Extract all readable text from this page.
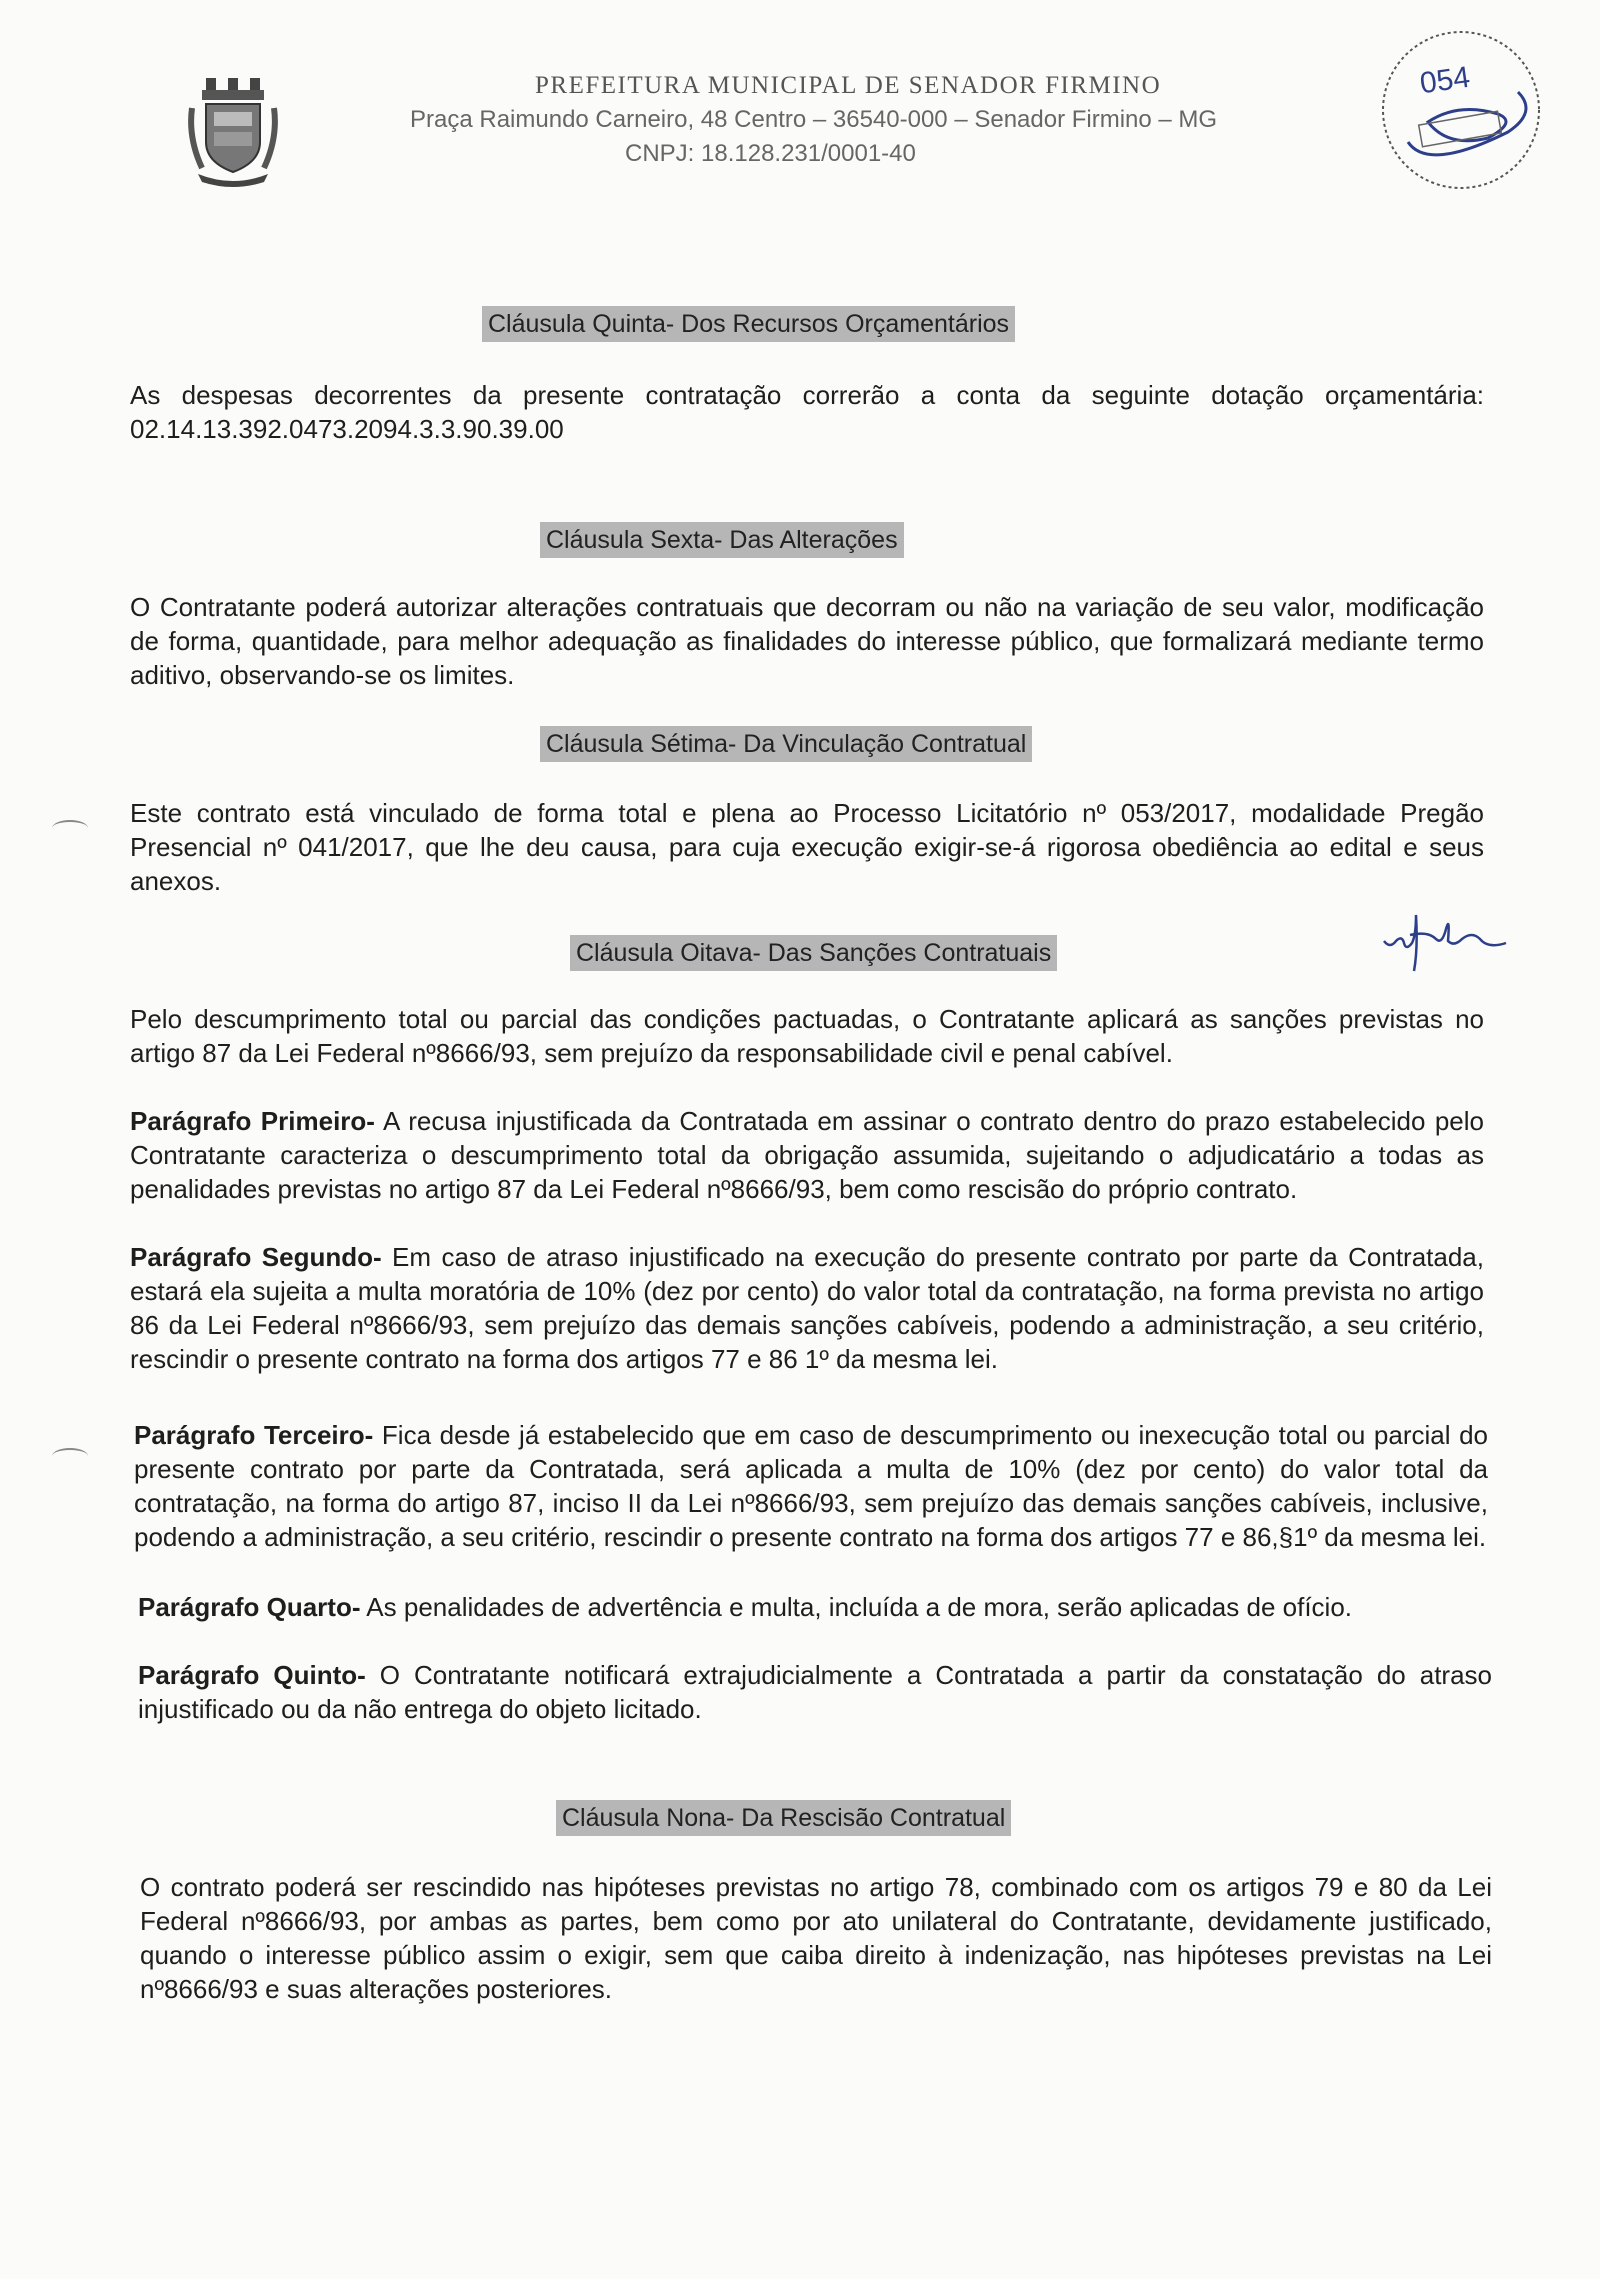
PREFEITURA MUNICIPAL DE SENADOR FIRMINO
Praça Raimundo Carneiro, 48 Centro – 36540-000 – Senador Firmino – MG
CNPJ: 18.128.231/0001-40
054
Cláusula Quinta- Dos Recursos Orçamentários

As despesas decorrentes da presente contratação correrão a conta da seguinte dotação orçamentária: 02.14.13.392.0473.2094.3.3.90.39.00

Cláusula Sexta- Das Alterações

O Contratante poderá autorizar alterações contratuais que decorram ou não na variação de seu valor, modificação de forma, quantidade, para melhor adequação as finalidades do interesse público, que formalizará mediante termo aditivo, observando-se os limites.

Cláusula Sétima- Da Vinculação Contratual

Este contrato está vinculado de forma total e plena ao Processo Licitatório nº 053/2017, modalidade Pregão Presencial nº 041/2017, que lhe deu causa, para cuja execução exigir-se-á rigorosa obediência ao edital e seus anexos.

Cláusula Oitava- Das Sanções Contratuais

Pelo descumprimento total ou parcial das condições pactuadas, o Contratante aplicará as sanções previstas no artigo 87 da Lei Federal nº8666/93, sem prejuízo da responsabilidade civil e penal cabível.

Parágrafo Primeiro- A recusa injustificada da Contratada em assinar o contrato dentro do prazo estabelecido pelo Contratante caracteriza o descumprimento total da obrigação assumida, sujeitando o adjudicatário a todas as penalidades previstas no artigo 87 da Lei Federal nº8666/93, bem como rescisão do próprio contrato.

Parágrafo Segundo- Em caso de atraso injustificado na execução do presente contrato por parte da Contratada, estará ela sujeita a multa moratória de 10% (dez por cento) do valor total da contratação, na forma prevista no artigo 86 da Lei Federal nº8666/93, sem prejuízo das demais sanções cabíveis, podendo a administração, a seu critério, rescindir o presente contrato na forma dos artigos 77 e 86 1º da mesma lei.

Parágrafo Terceiro- Fica desde já estabelecido que em caso de descumprimento ou inexecução total ou parcial do presente contrato por parte da Contratada, será aplicada a multa de 10% (dez por cento) do valor total da contratação, na forma do artigo 87, inciso II da Lei nº8666/93, sem prejuízo das demais sanções cabíveis, inclusive, podendo a administração, a seu critério, rescindir o presente contrato na forma dos artigos 77 e 86,§1º da mesma lei.

Parágrafo Quarto- As penalidades de advertência e multa, incluída a de mora, serão aplicadas de ofício.

Parágrafo Quinto- O Contratante notificará extrajudicialmente a Contratada a partir da constatação do atraso injustificado ou da não entrega do objeto licitado.

Cláusula Nona- Da Rescisão Contratual

O contrato poderá ser rescindido nas hipóteses previstas no artigo 78, combinado com os artigos 79 e 80 da Lei Federal nº8666/93, por ambas as partes, bem como por ato unilateral do Contratante, devidamente justificado, quando o interesse público assim o exigir, sem que caiba direito à indenização, nas hipóteses previstas na Lei nº8666/93 e suas alterações posteriores.
